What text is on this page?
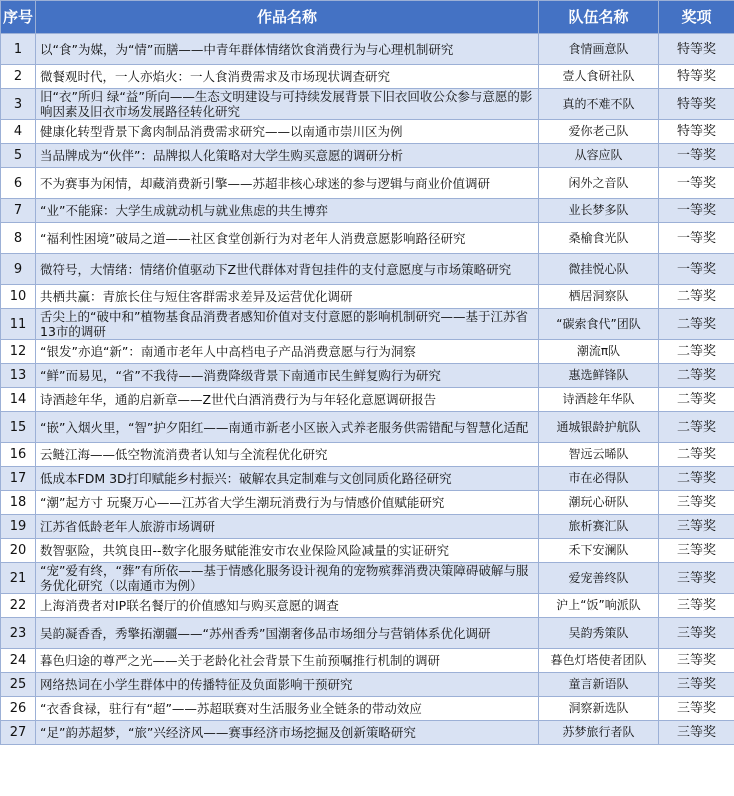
序号	作品名称	队伍名称	奖项
1	以“食”为媒，为“情”而膳——中青年群体情绪饮食消费行为与心理机制研究	食情画意队	特等奖
2	微餐观时代，一人亦焰火：一人食消费需求及市场现状调查研究	壹人食研社队	特等奖
3	旧“衣”所归 绿“益”所向——生态文明建设与可持续发展背景下旧衣回收公众参与意愿的影响因素及旧衣市场发展路径转化研究	真的不难不队	特等奖
4	健康化转型背景下禽肉制品消费需求研究——以南通市崇川区为例	爱你老己队	特等奖
5	当品牌成为“伙伴”：品牌拟人化策略对大学生购买意愿的调研分析	从容应队	一等奖
6	不为赛事为闲情，却藏消费新引擎——苏超非核心球迷的参与逻辑与商业价值调研	闲外之音队	一等奖
7	“业”不能寐：大学生成就动机与就业焦虑的共生博弈	业长梦多队	一等奖
8	“福利性困境”破局之道——社区食堂创新行为对老年人消费意愿影响路径研究	桑榆食光队	一等奖
9	微符号，大情绪：情绪价值驱动下Z世代群体对背包挂件的支付意愿度与市场策略研究	微挂悦心队	一等奖
10	共栖共赢：青旅长住与短住客群需求差异及运营优化调研	栖居洞察队	二等奖
11	舌尖上的“破中和”植物基食品消费者感知价值对支付意愿的影响机制研究——基于江苏省13市的调研	“碳索食代”团队	二等奖
12	“银发”亦追“新”：南通市老年人中高档电子产品消费意愿与行为洞察	潮流π队	二等奖
13	“鲜”而易见，“省”不我待——消费降级背景下南通市民生鲜复购行为研究	惠选鲜锋队	二等奖
14	诗酒趁年华，通韵启新章——Z世代白酒消费行为与年轻化意愿调研报告	诗酒趁年华队	二等奖
15	“嵌”入烟火里，“智”护夕阳红——南通市新老小区嵌入式养老服务供需错配与智慧化适配	通城银龄护航队	二等奖
16	云鲢江海——低空物流消费者认知与全流程优化研究	智远云晞队	二等奖
17	低成本FDM 3D打印赋能乡村振兴：破解农具定制难与文创同质化路径研究	市在必得队	二等奖
18	“潮”起方寸 玩聚万心——江苏省大学生潮玩消费行为与情感价值赋能研究	潮玩心研队	三等奖
19	江苏省低龄老年人旅游市场调研	旅析赛汇队	三等奖
20	数智驱险，共筑良田--数字化服务赋能淮安市农业保险风险减量的实证研究	禾下安澜队	三等奖
21	“宠”爱有终，“葬”有所依——基于情感化服务设计视角的宠物殡葬消费决策障碍破解与服务优化研究（以南通市为例）	爱宠善终队	三等奖
22	上海消费者对IP联名餐厅的价值感知与购买意愿的调查	沪上“饭”响派队	三等奖
23	吴韵凝香香，秀擎拓潮疆——“苏州香秀”国潮奢侈品市场细分与营销体系优化调研	吴韵秀策队	三等奖
24	暮色归途的尊严之光——关于老龄化社会背景下生前预嘱推行机制的调研	暮色灯塔使者团队	三等奖
25	网络热词在小学生群体中的传播特征及负面影响干预研究	童言新语队	三等奖
26	“衣香食禄，驻行有“超”——苏超联赛对生活服务业全链条的带动效应	洞察新选队	三等奖
27	“足”韵苏超梦，“旅”兴经济风——赛事经济市场挖掘及创新策略研究	苏梦旅行者队	三等奖
